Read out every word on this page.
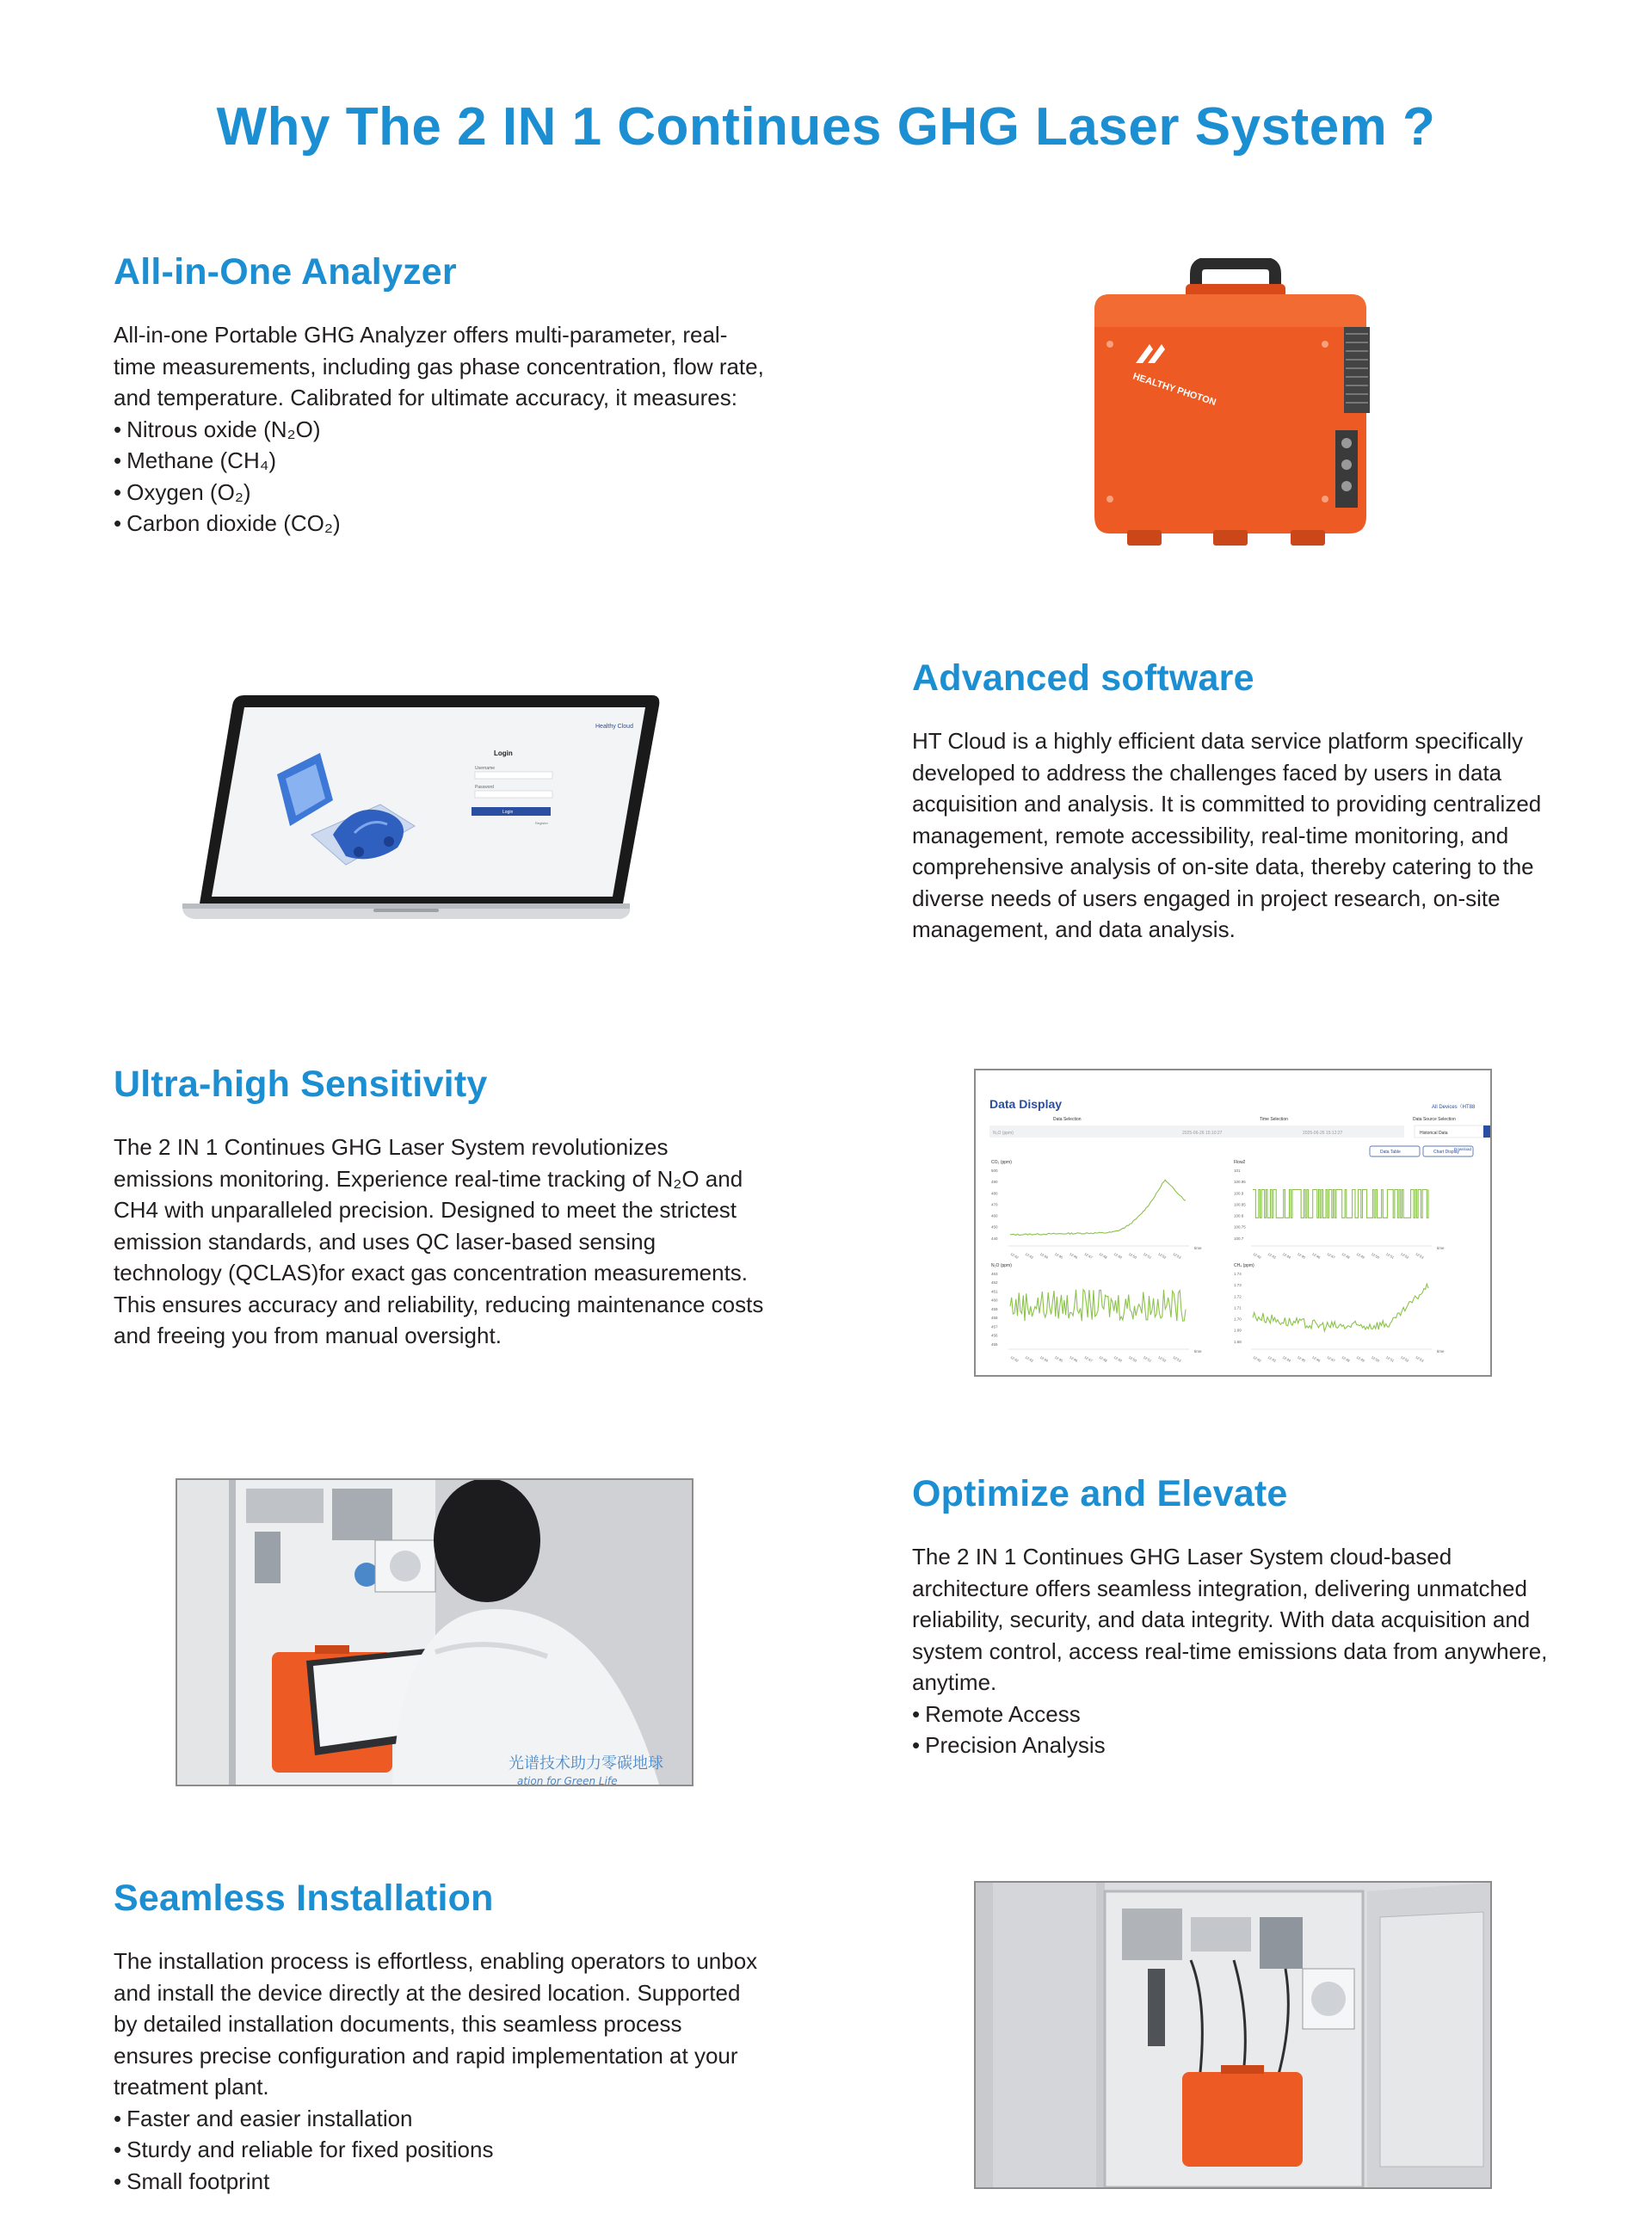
Why The 2 IN 1 Continues GHG Laser System ?
All-in-One Analyzer

All-in-one Portable GHG Analyzer offers multi-parameter, real-time measurements, including gas phase concentration, flow rate, and temperature. Calibrated for ultimate accuracy, it measures:

• Nitrous oxide (N₂O)
• Methane (CH₄)
• Oxygen (O₂)
• Carbon dioxide (CO₂)
HEALTHY PHOTON
Advanced software

HT Cloud is a highly efficient data service platform specifically developed to address the challenges faced by users in data acquisition and analysis. It is committed to providing centralized management, remote accessibility, real-time monitoring, and comprehensive analysis of on-site data, thereby catering to the diverse needs of users engaged in project research, on-site management, and data analysis.

Healthy Cloud
Login
Username
Password
Login
Register
Ultra-high Sensitivity

The 2 IN 1 Continues GHG Laser System revolutionizes emissions monitoring. Experience real-time tracking of N₂O and CH4 with unparalleled precision. Designed to meet the strictest emission standards, and uses QC laser-based sensing technology (QCLAS)for exact gas concentration measurements. This ensures accuracy and reliability, reducing maintenance costs and freeing you from manual oversight.

Data Display	All Devices（HT88
Data Selection	Time Selection	Data Source Selection
N₂O (ppm)	2025-06-26 15:10:27	2025-06-26 15:12:27	Historical Data
Data Table	Chart Display
Download
CO₂ (ppm)
500
490
480
470
460
450
440
12:42 12:43 12:44 12:45 12:46 12:47 12:48 12:49 12:50 12:51 12:52 12:53
time
Flow2
101
100.95
100.9
100.85
100.8
100.75
100.7
12:42 12:43 12:44 12:45 12:46 12:47 12:48 12:49 12:50 12:51 12:52 12:53
time
N₂O (ppm)
463
462
461
460
459
458
457
456
455
12:42 12:43 12:44 12:45 12:46 12:47 12:48 12:49 12:50 12:51 12:52 12:53
time
CH₄ (ppm)
1.74
1.73
1.72
1.71
1.70
1.69
1.68
12:42 12:43 12:44 12:45 12:46 12:47 12:48 12:49 12:50 12:51 12:52 12:53
time
Optimize and Elevate

The 2 IN 1 Continues GHG Laser System cloud-based architecture offers seamless integration, delivering unmatched reliability, security, and data integrity. With data acquisition and system control, access real-time emissions data from anywhere, anytime.

• Remote Access
• Precision Analysis
光谱技术助力零碳地球
ation for Green Life
Seamless Installation

The installation process is effortless, enabling operators to unbox and install the device directly at the desired location. Supported by detailed installation documents, this seamless process ensures precise configuration and rapid implementation at your treatment plant.

• Faster and easier installation
• Sturdy and reliable for fixed positions
• Small footprint
